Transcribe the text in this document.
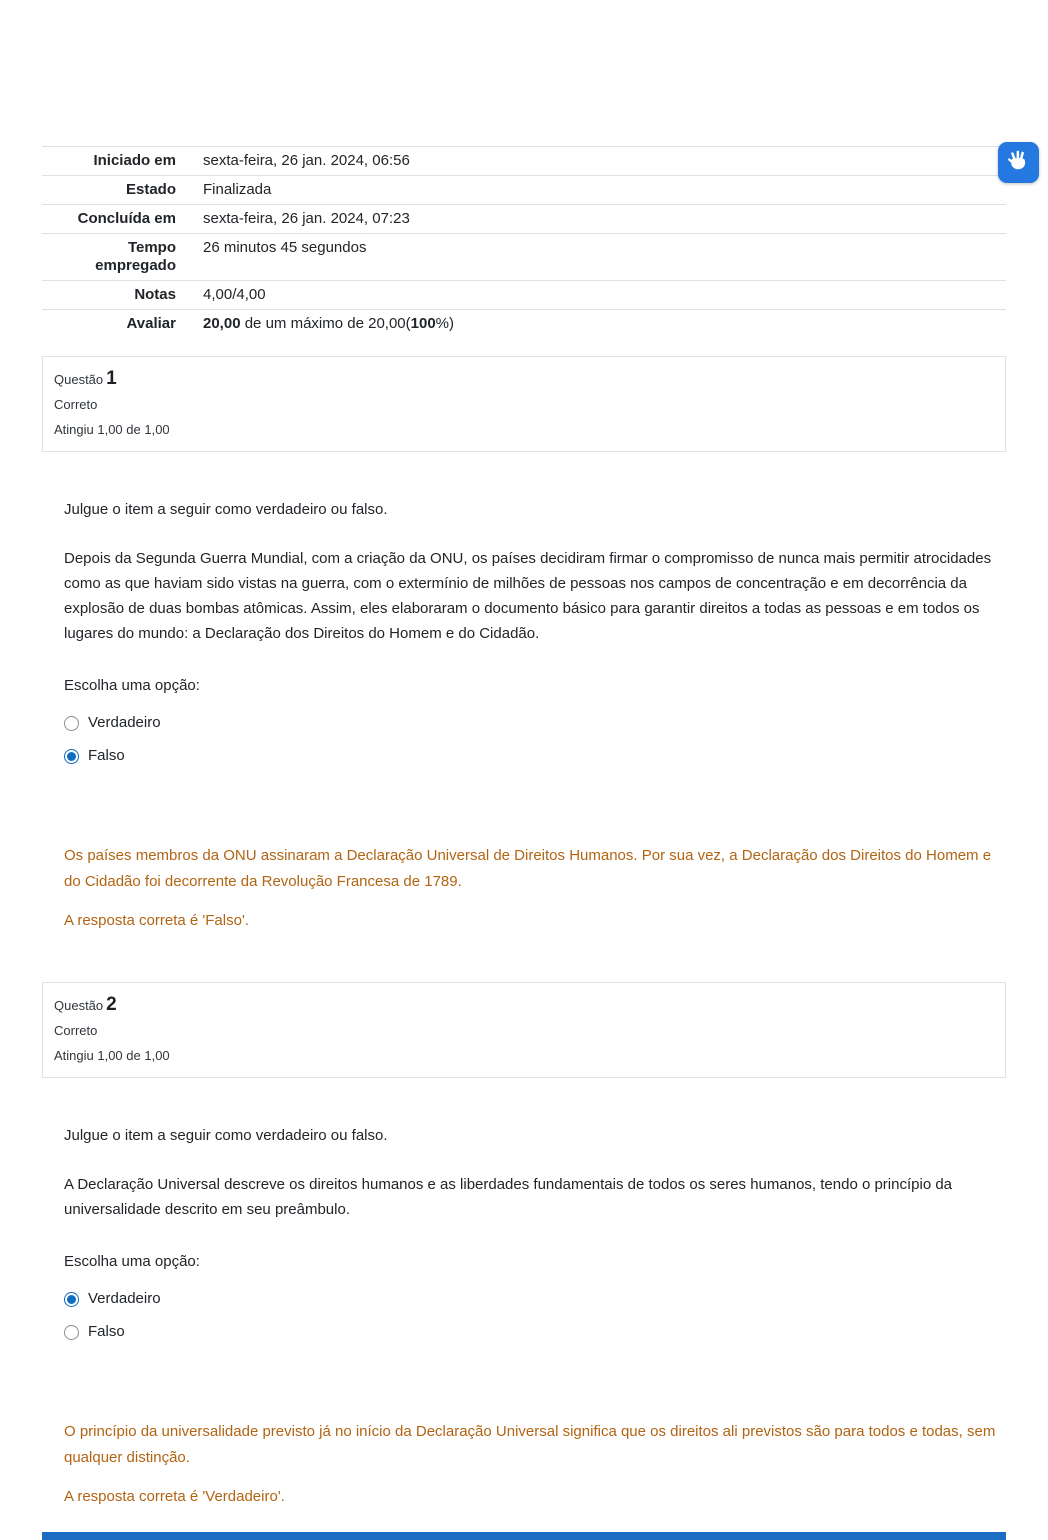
Iniciado em	sexta-feira, 26 jan. 2024, 06:56
Estado	Finalizada
Concluída em	sexta-feira, 26 jan. 2024, 07:23
Tempo empregado	26 minutos 45 segundos
Notas	4,00/4,00
Avaliar	20,00 de um máximo de 20,00(100%)
Questão 1
Correto
Atingiu 1,00 de 1,00

Julgue o item a seguir como verdadeiro ou falso.

Depois da Segunda Guerra Mundial, com a criação da ONU, os países decidiram firmar o compromisso de nunca mais permitir atrocidades como as que haviam sido vistas na guerra, com o extermínio de milhões de pessoas nos campos de concentração e em decorrência da explosão de duas bombas atômicas. Assim, eles elaboraram o documento básico para garantir direitos a todas as pessoas e em todos os lugares do mundo: a Declaração dos Direitos do Homem e do Cidadão.

Escolha uma opção:
Verdadeiro
Falso

Os países membros da ONU assinaram a Declaração Universal de Direitos Humanos. Por sua vez, a Declaração dos Direitos do Homem e do Cidadão foi decorrente da Revolução Francesa de 1789.

A resposta correta é 'Falso'.

Questão 2
Correto
Atingiu 1,00 de 1,00

Julgue o item a seguir como verdadeiro ou falso.

A Declaração Universal descreve os direitos humanos e as liberdades fundamentais de todos os seres humanos, tendo o princípio da universalidade descrito em seu preâmbulo.

Escolha uma opção:
Verdadeiro
Falso

O princípio da universalidade previsto já no início da Declaração Universal significa que os direitos ali previstos são para todos e todas, sem qualquer distinção.

A resposta correta é 'Verdadeiro'.
